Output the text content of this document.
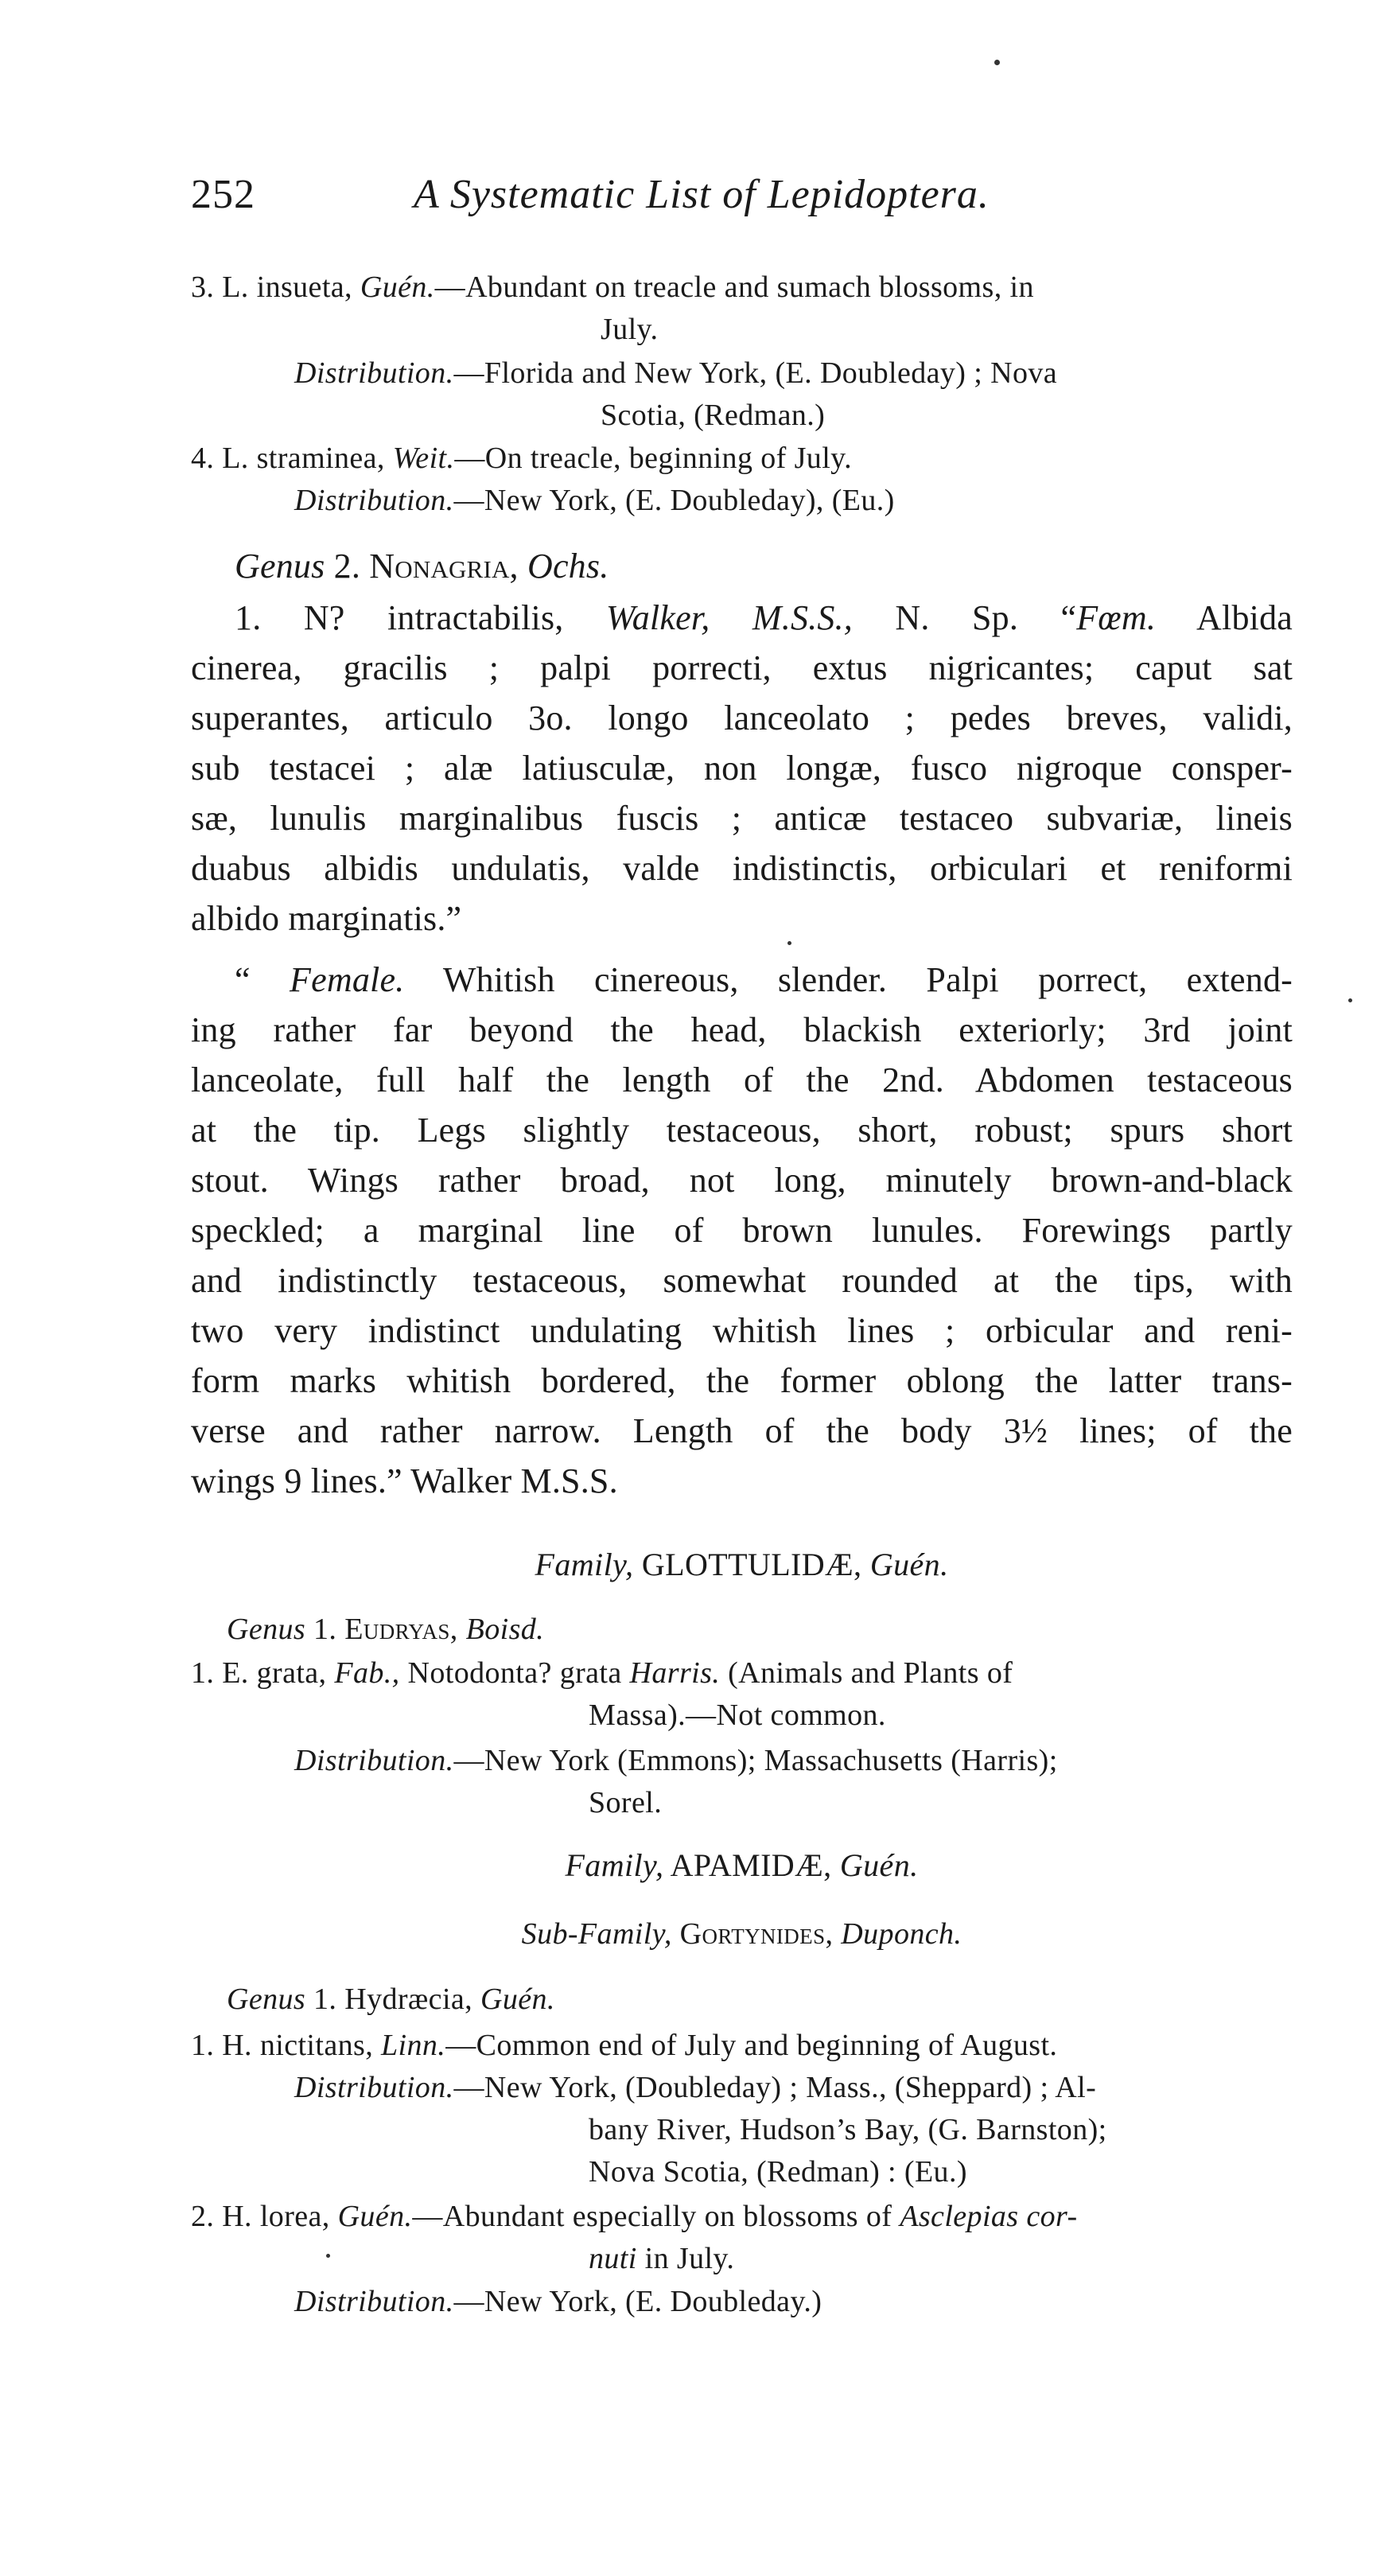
252	A Systematic List of Lepidoptera.
3. L. insueta, Guén.—Abundant on treacle and sumach blossoms, in
July.
Distribution.—Florida and New York, (E. Doubleday) ; Nova
Scotia, (Redman.)
4. L. straminea, Weit.—On treacle, beginning of July.
Distribution.—New York, (E. Doubleday), (Eu.)
Genus 2. Nonagria, Ochs.
1. N? intractabilis, Walker, M.S.S., N. Sp. “Fœm. Albida
cinerea, gracilis ; palpi porrecti, extus nigricantes; caput sat
superantes, articulo 3o. longo lanceolato ; pedes breves, validi,
sub testacei ; alæ latiusculæ, non longæ, fusco nigroque consper-
sæ, lunulis marginalibus fuscis ; anticæ testaceo subvariæ, lineis
duabus albidis undulatis, valde indistinctis, orbiculari et reniformi
albido marginatis.”
“ Female. Whitish cinereous, slender. Palpi porrect, extend-
ing rather far beyond the head, blackish exteriorly; 3rd joint
lanceolate, full half the length of the 2nd. Abdomen testaceous
at the tip. Legs slightly testaceous, short, robust; spurs short
stout. Wings rather broad, not long, minutely brown-and-black
speckled; a marginal line of brown lunules. Forewings partly
and indistinctly testaceous, somewhat rounded at the tips, with
two very indistinct undulating whitish lines ; orbicular and reni-
form marks whitish bordered, the former oblong the latter trans-
verse and rather narrow. Length of the body 3½ lines; of the
wings 9 lines.” Walker M.S.S.
Family, GLOTTULIDÆ, Guén.
Genus 1. Eudryas, Boisd.
1. E. grata, Fab., Notodonta? grata Harris. (Animals and Plants of
Massa).—Not common.
Distribution.—New York (Emmons); Massachusetts (Harris);
Sorel.
Family, APAMIDÆ, Guén.
Sub-Family, Gortynides, Duponch.
Genus 1. Hydræcia, Guén.
1. H. nictitans, Linn.—Common end of July and beginning of August.
Distribution.—New York, (Doubleday) ; Mass., (Sheppard) ; Al-
bany River, Hudson’s Bay, (G. Barnston);
Nova Scotia, (Redman) : (Eu.)
2. H. lorea, Guén.—Abundant especially on blossoms of Asclepias cor-
nuti in July.
Distribution.—New York, (E. Doubleday.)
